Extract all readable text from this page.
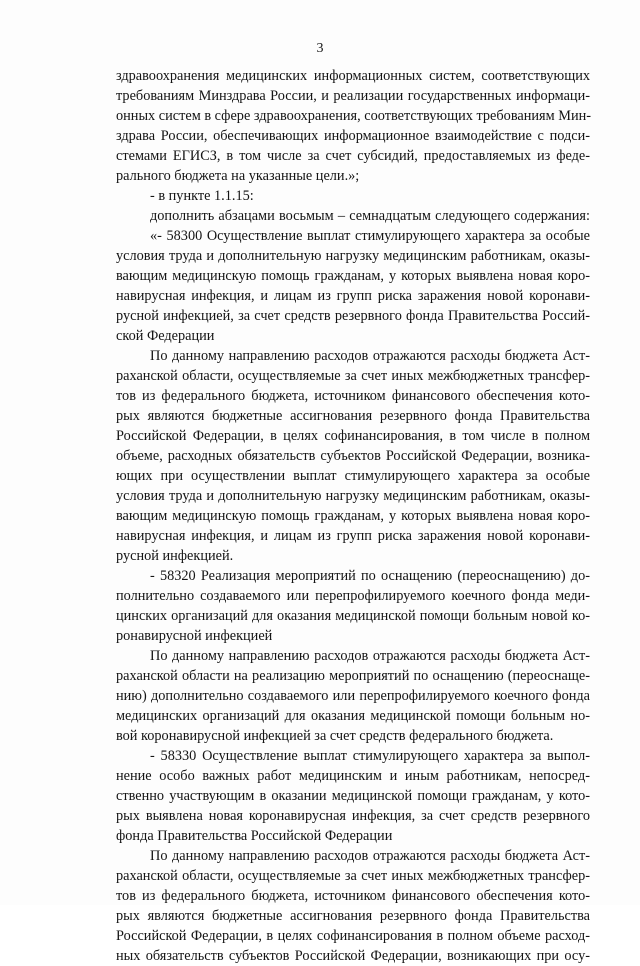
3
здравоохранения медицинских информационных систем, соответствующих
требованиям Минздрава России, и реализации государственных информаци-
онных систем в сфере здравоохранения, соответствующих требованиям Мин-
здрава России, обеспечивающих информационное взаимодействие с подси-
стемами ЕГИСЗ, в том числе за счет субсидий, предоставляемых из феде-
рального бюджета на указанные цели.»;
- в пункте 1.1.15:
дополнить абзацами восьмым – семнадцатым следующего содержания:
«- 58300 Осуществление выплат стимулирующего характера за особые
условия труда и дополнительную нагрузку медицинским работникам, оказы-
вающим медицинскую помощь гражданам, у которых выявлена новая коро-
навирусная инфекция, и лицам из групп риска заражения новой коронави-
русной инфекцией, за счет средств резервного фонда Правительства Россий-
ской Федерации
По данному направлению расходов отражаются расходы бюджета Аст-
раханской области, осуществляемые за счет иных межбюджетных трансфер-
тов из федерального бюджета, источником финансового обеспечения кото-
рых являются бюджетные ассигнования резервного фонда Правительства
Российской Федерации, в целях софинансирования, в том числе в полном
объеме, расходных обязательств субъектов Российской Федерации, возника-
ющих при осуществлении выплат стимулирующего характера за особые
условия труда и дополнительную нагрузку медицинским работникам, оказы-
вающим медицинскую помощь гражданам, у которых выявлена новая коро-
навирусная инфекция, и лицам из групп риска заражения новой коронави-
русной инфекцией.
- 58320 Реализация мероприятий по оснащению (переоснащению) до-
полнительно создаваемого или перепрофилируемого коечного фонда меди-
цинских организаций для оказания медицинской помощи больным новой ко-
ронавирусной инфекцией
По данному направлению расходов отражаются расходы бюджета Аст-
раханской области на реализацию мероприятий по оснащению (переоснаще-
нию) дополнительно создаваемого или перепрофилируемого коечного фонда
медицинских организаций для оказания медицинской помощи больным но-
вой коронавирусной инфекцией за счет средств федерального бюджета.
- 58330 Осуществление выплат стимулирующего характера за выпол-
нение особо важных работ медицинским и иным работникам, непосред-
ственно участвующим в оказании медицинской помощи гражданам, у кото-
рых выявлена новая коронавирусная инфекция, за счет средств резервного
фонда Правительства Российской Федерации
По данному направлению расходов отражаются расходы бюджета Аст-
раханской области, осуществляемые за счет иных межбюджетных трансфер-
тов из федерального бюджета, источником финансового обеспечения кото-
рых являются бюджетные ассигнования резервного фонда Правительства
Российской Федерации, в целях софинансирования в полном объеме расход-
ных обязательств субъектов Российской Федерации, возникающих при осу-
